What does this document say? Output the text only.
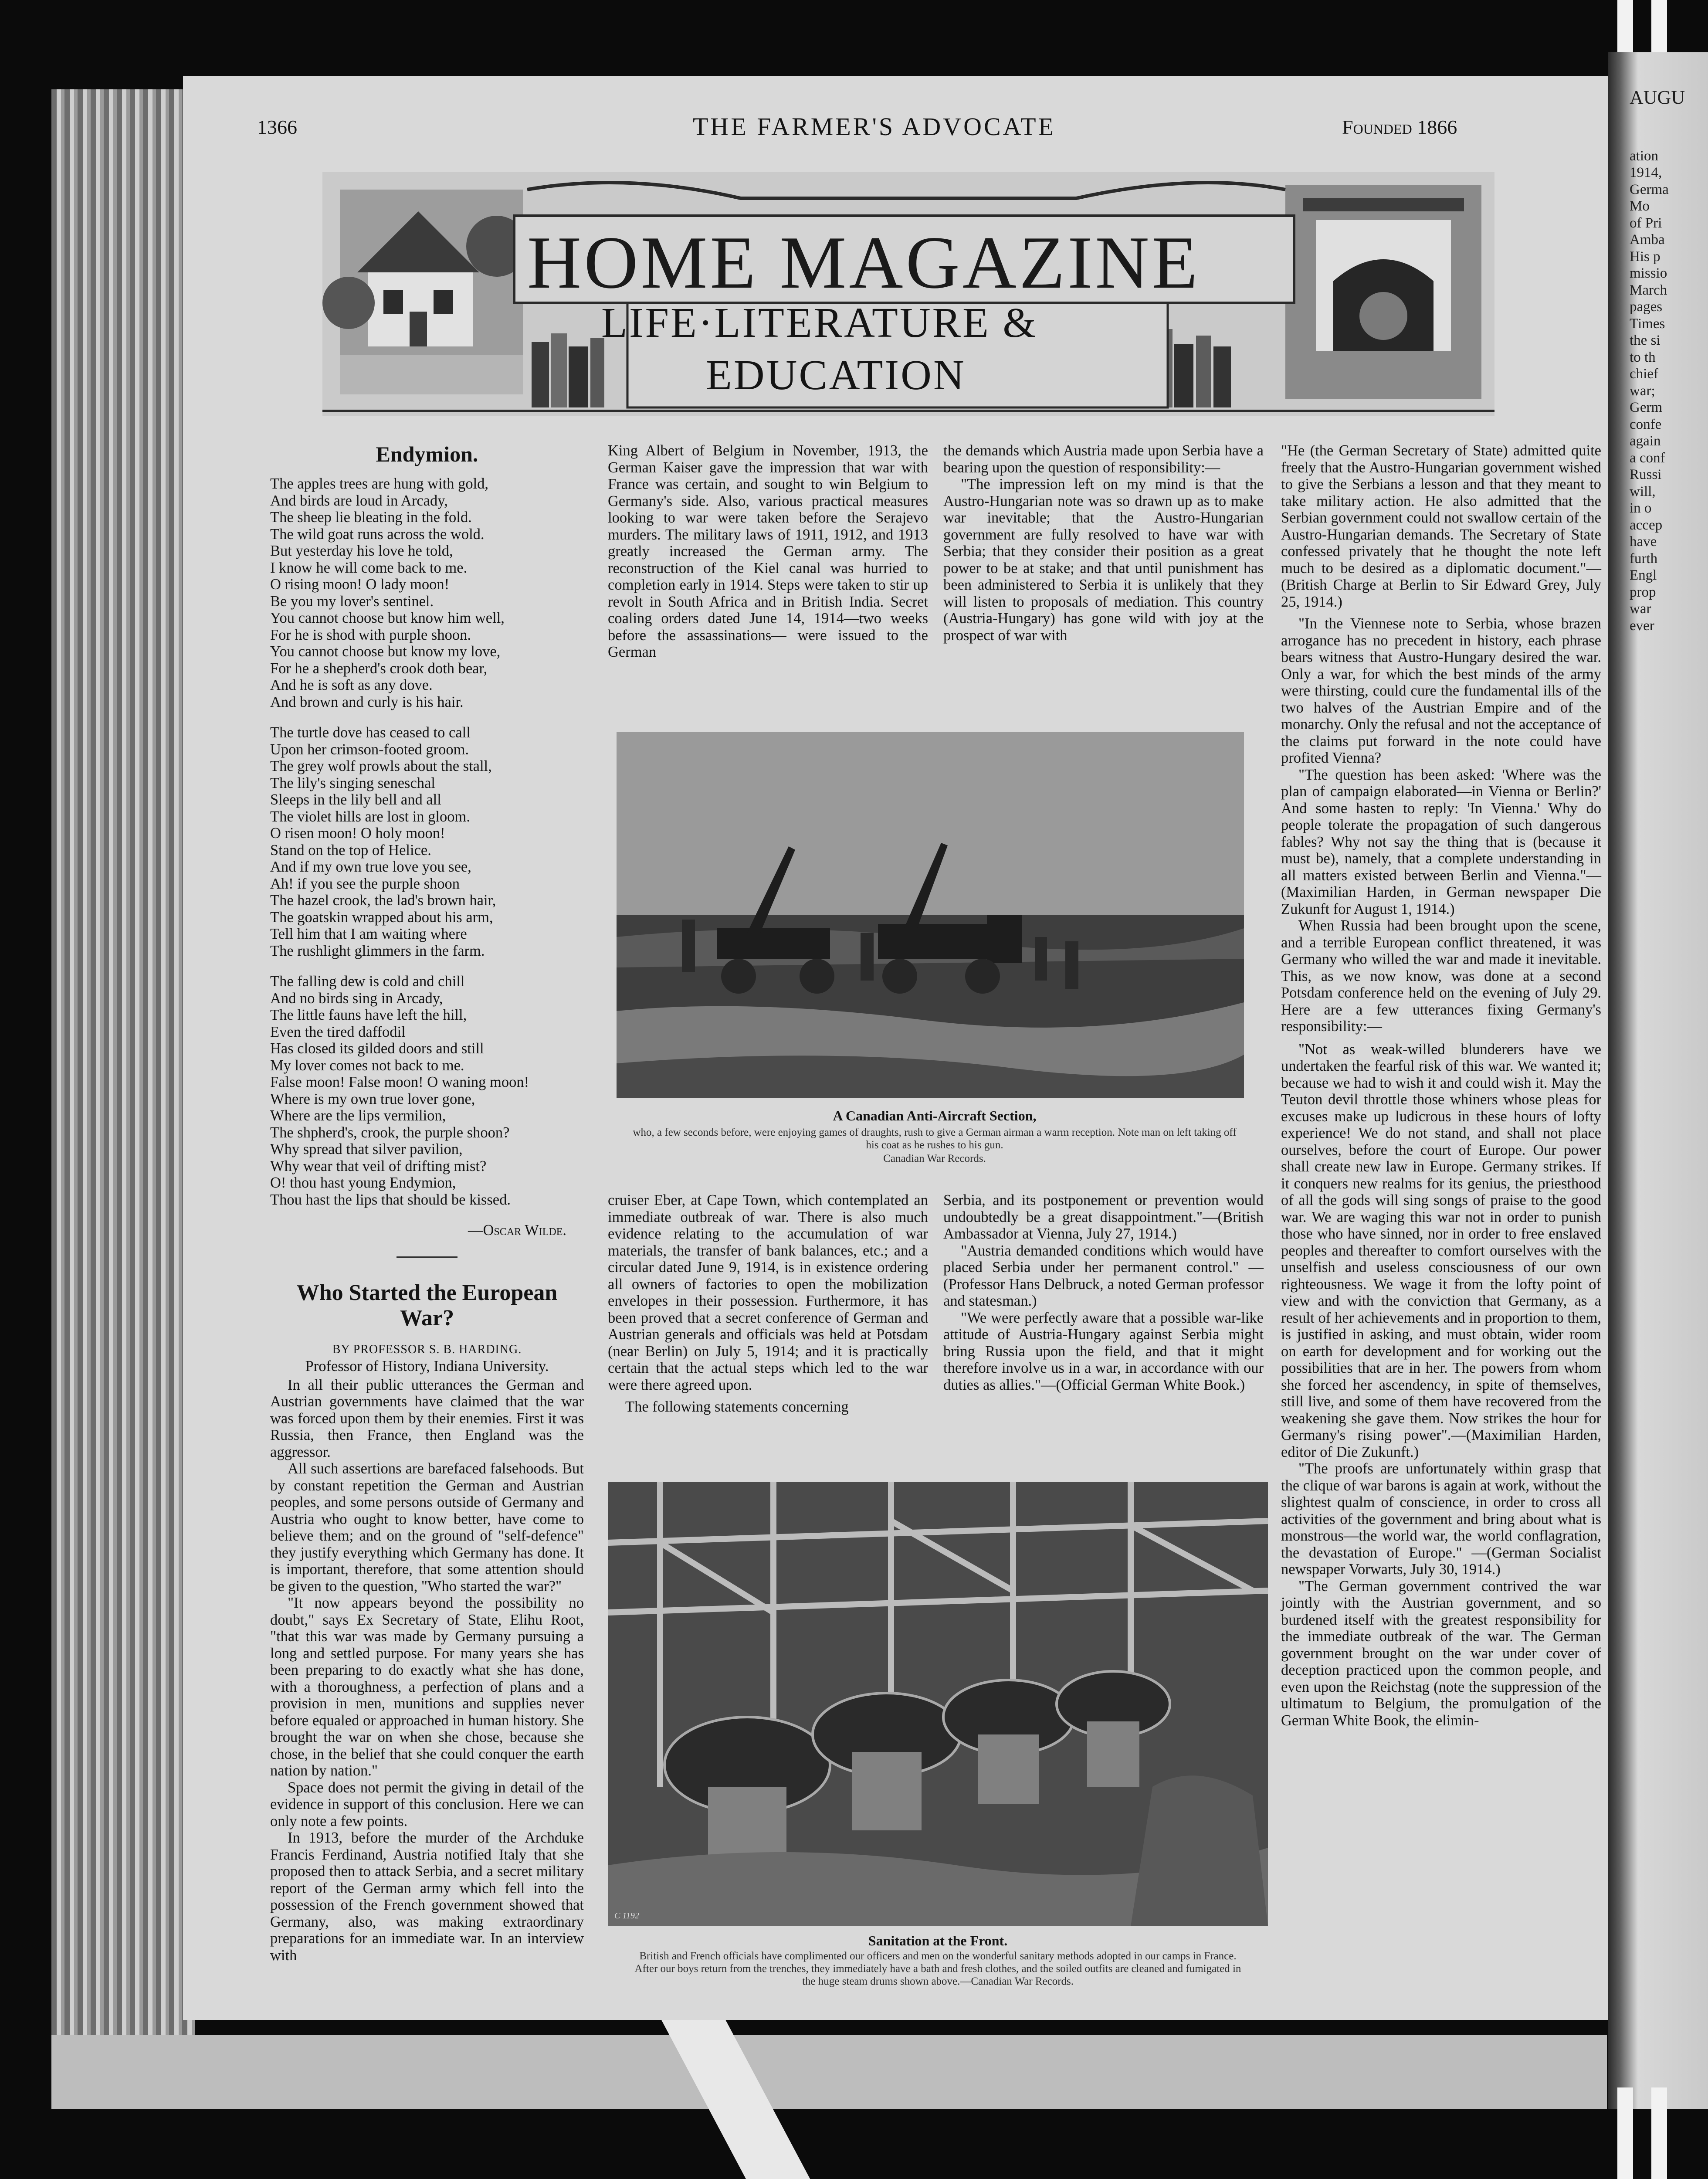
AUGU
ation
1914,
Germa
Mo
of Pri
Amba
His p
missio
March
pages
Times
the si
to th
chief
war;
Germ
confe
again
a conf
Russi
will,
in o
accep
have
furth
Engl
prop
war
ever
1366	THE FARMER'S ADVOCATE	Founded 1866
HOME MAGAZINE
LIFE·LITERATURE &
EDUCATION
Endymion.
The apples trees are hung with gold,
And birds are loud in Arcady,
The sheep lie bleating in the fold.
The wild goat runs across the wold.
But yesterday his love he told,
I know he will come back to me.
O rising moon! O lady moon!
Be you my lover's sentinel.
You cannot choose but know him well,
For he is shod with purple shoon.
You cannot choose but know my love,
For he a shepherd's crook doth bear,
And he is soft as any dove.
And brown and curly is his hair.
The turtle dove has ceased to call
Upon her crimson-footed groom.
The grey wolf prowls about the stall,
The lily's singing seneschal
Sleeps in the lily bell and all
The violet hills are lost in gloom.
O risen moon! O holy moon!
Stand on the top of Helice.
And if my own true love you see,
Ah! if you see the purple shoon
The hazel crook, the lad's brown hair,
The goatskin wrapped about his arm,
Tell him that I am waiting where
The rushlight glimmers in the farm.
The falling dew is cold and chill
And no birds sing in Arcady,
The little fauns have left the hill,
Even the tired daffodil
Has closed its gilded doors and still
My lover comes not back to me.
False moon! False moon! O waning moon!
Where is my own true lover gone,
Where are the lips vermilion,
The shpherd's, crook, the purple shoon?
Why spread that silver pavilion,
Why wear that veil of drifting mist?
O! thou hast young Endymion,
Thou hast the lips that should be kissed.
—Oscar Wilde.
Who Started the European War?
BY PROFESSOR S. B. HARDING.
Professor of History, Indiana University.

In all their public utterances the German and Austrian governments have claimed that the war was forced upon them by their enemies. First it was Russia, then France, then England was the aggressor.

All such assertions are barefaced falsehoods. But by constant repetition the German and Austrian peoples, and some persons outside of Germany and Austria who ought to know better, have come to believe them; and on the ground of "self-defence" they justify everything which Germany has done. It is important, therefore, that some attention should be given to the question, "Who started the war?"

"It now appears beyond the possibility no doubt," says Ex Secretary of State, Elihu Root, "that this war was made by Germany pursuing a long and settled purpose. For many years she has been preparing to do exactly what she has done, with a thoroughness, a perfection of plans and a provision in men, munitions and supplies never before equaled or approached in human history. She brought the war on when she chose, because she chose, in the belief that she could conquer the earth nation by nation."

Space does not permit the giving in detail of the evidence in support of this conclusion. Here we can only note a few points.

In 1913, before the murder of the Archduke Francis Ferdinand, Austria notified Italy that she proposed then to attack Serbia, and a secret military report of the German army which fell into the possession of the French government showed that Germany, also, was making extraordinary preparations for an immediate war. In an interview with

King Albert of Belgium in November, 1913, the German Kaiser gave the impression that war with France was certain, and sought to win Belgium to Germany's side. Also, various practical measures looking to war were taken before the Serajevo murders. The military laws of 1911, 1912, and 1913 greatly increased the German army. The reconstruction of the Kiel canal was hurried to completion early in 1914. Steps were taken to stir up revolt in South Africa and in British India. Secret coaling orders dated June 14, 1914—two weeks before the assassinations— were issued to the German

the demands which Austria made upon Serbia have a bearing upon the question of responsibility:—

"The impression left on my mind is that the Austro-Hungarian note was so drawn up as to make war inevitable; that the Austro-Hungarian government are fully resolved to have war with Serbia; that they consider their position as a great power to be at stake; and that until punishment has been administered to Serbia it is unlikely that they will listen to proposals of mediation. This country (Austria-Hungary) has gone wild with joy at the prospect of war with

A Canadian Anti-Aircraft Section,
who, a few seconds before, were enjoying games of draughts, rush to give a German airman a warm reception. Note man on left taking off his coat as he rushes to his gun.
Canadian War Records.

cruiser Eber, at Cape Town, which contemplated an immediate outbreak of war. There is also much evidence relating to the accumulation of war materials, the transfer of bank balances, etc.; and a circular dated June 9, 1914, is in existence ordering all owners of factories to open the mobilization envelopes in their possession. Furthermore, it has been proved that a secret conference of German and Austrian generals and officials was held at Potsdam (near Berlin) on July 5, 1914; and it is practically certain that the actual steps which led to the war were there agreed upon.

The following statements concerning

Serbia, and its postponement or prevention would undoubtedly be a great disappointment."—(British Ambassador at Vienna, July 27, 1914.)

"Austria demanded conditions which would have placed Serbia under her permanent control." —(Professor Hans Delbruck, a noted German professor and statesman.)

"We were perfectly aware that a possible war-like attitude of Austria-Hungary against Serbia might bring Russia upon the field, and that it might therefore involve us in a war, in accordance with our duties as allies."—(Official German White Book.)

C 1192
Sanitation at the Front.
British and French officials have complimented our officers and men on the wonderful sanitary methods adopted in our camps in France. After our boys return from the trenches, they immediately have a bath and fresh clothes, and the soiled outfits are cleaned and fumigated in the huge steam drums shown above.—Canadian War Records.

"He (the German Secretary of State) admitted quite freely that the Austro-Hungarian government wished to give the Serbians a lesson and that they meant to take military action. He also admitted that the Serbian government could not swallow certain of the Austro-Hungarian demands. The Secretary of State confessed privately that he thought the note left much to be desired as a diplomatic document."—(British Charge at Berlin to Sir Edward Grey, July 25, 1914.)

"In the Viennese note to Serbia, whose brazen arrogance has no precedent in history, each phrase bears witness that Austro-Hungary desired the war. Only a war, for which the best minds of the army were thirsting, could cure the fundamental ills of the two halves of the Austrian Empire and of the monarchy. Only the refusal and not the acceptance of the claims put forward in the note could have profited Vienna?

"The question has been asked: 'Where was the plan of campaign elaborated—in Vienna or Berlin?' And some hasten to reply: 'In Vienna.' Why do people tolerate the propagation of such dangerous fables? Why not say the thing that is (because it must be), namely, that a complete understanding in all matters existed between Berlin and Vienna."—(Maximilian Harden, in German newspaper Die Zukunft for August 1, 1914.)

When Russia had been brought upon the scene, and a terrible European conflict threatened, it was Germany who willed the war and made it inevitable. This, as we now know, was done at a second Potsdam conference held on the evening of July 29. Here are a few utterances fixing Germany's responsibility:—

"Not as weak-willed blunderers have we undertaken the fearful risk of this war. We wanted it; because we had to wish it and could wish it. May the Teuton devil throttle those whiners whose pleas for excuses make up ludicrous in these hours of lofty experience! We do not stand, and shall not place ourselves, before the court of Europe. Our power shall create new law in Europe. Germany strikes. If it conquers new realms for its genius, the priesthood of all the gods will sing songs of praise to the good war. We are waging this war not in order to punish those who have sinned, nor in order to free enslaved peoples and thereafter to comfort ourselves with the unselfish and useless consciousness of our own righteousness. We wage it from the lofty point of view and with the conviction that Germany, as a result of her achievements and in proportion to them, is justified in asking, and must obtain, wider room on earth for development and for working out the possibilities that are in her. The powers from whom she forced her ascendency, in spite of themselves, still live, and some of them have recovered from the weakening she gave them. Now strikes the hour for Germany's rising power".—(Maximilian Harden, editor of Die Zukunft.)

"The proofs are unfortunately within grasp that the clique of war barons is again at work, without the slightest qualm of conscience, in order to cross all activities of the government and bring about what is monstrous—the world war, the world conflagration, the devastation of Europe." —(German Socialist newspaper Vorwarts, July 30, 1914.)

"The German government contrived the war jointly with the Austrian government, and so burdened itself with the greatest responsibility for the immediate outbreak of the war. The German government brought on the war under cover of deception practiced upon the common people, and even upon the Reichstag (note the suppression of the ultimatum to Belgium, the promulgation of the German White Book, the elimin-
